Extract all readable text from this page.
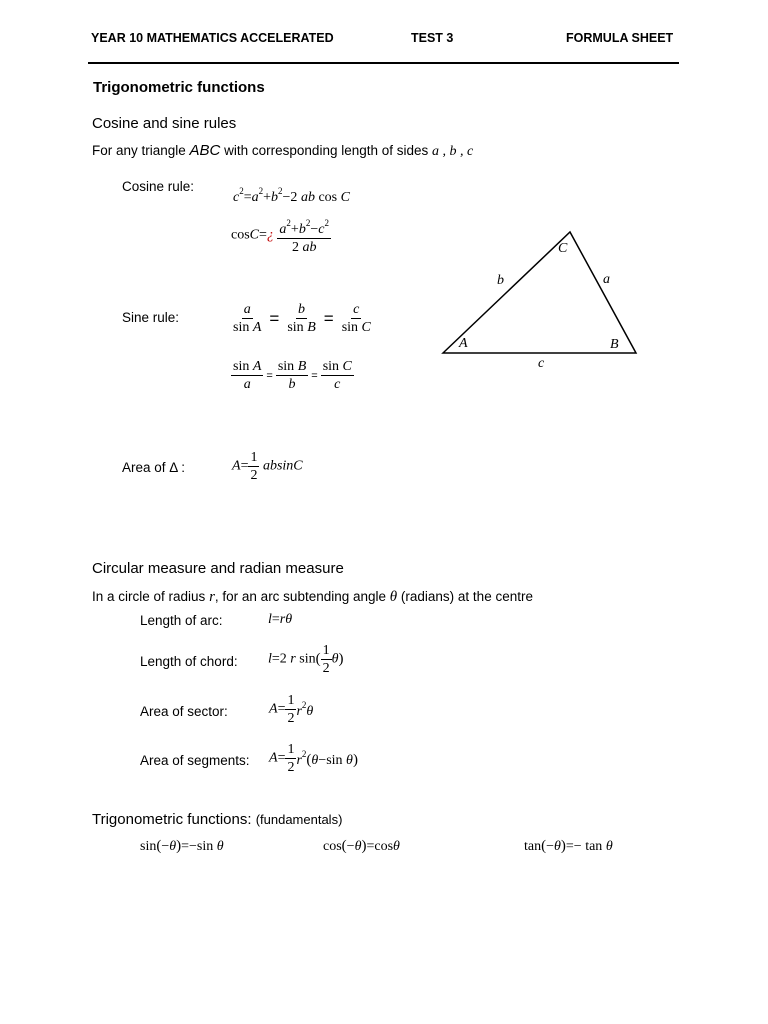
YEAR 10 MATHEMATICS ACCELERATED	TEST 3	FORMULA SHEET
Trigonometric functions
Cosine and sine rules
For any triangle ABC with corresponding length of sides a , b , c
Cosine rule:
$c^2=a^2+b^2-2$ ab cos C
cosC=¿ $\frac{a^2+b^2-c^2}{2 ab}$
Sine rule:	$\frac{a}{\text{sin A}} = \frac{b}{\text{sin B}} = \frac{c}{\text{sin C}}$
$\frac{\text{sin A}}{a} = \frac{\text{sin B}}{b} = \frac{\text{sin C}}{c}$
Area of Δ :	$A= \frac{1}{2}$ absinC
A	B
C
a
b
c
Circular measure and radian measure
In a circle of radius r, for an arc subtending angle θ (radians) at the centre
Length of arc:	l=rθ
Length of chord: l=2 r $\sin( \frac{1}{2} \theta)$
Area of sector:	$A= \frac{1}{2} r^2\theta$
Area of segments: $A= \frac{1}{2} r^2(\theta-\sin$ θ)
Trigonometric functions: (fundamentals)
sin(−θ)=−sin θ	cos(−θ)=cosθ	tan(−θ)=− tan θ
